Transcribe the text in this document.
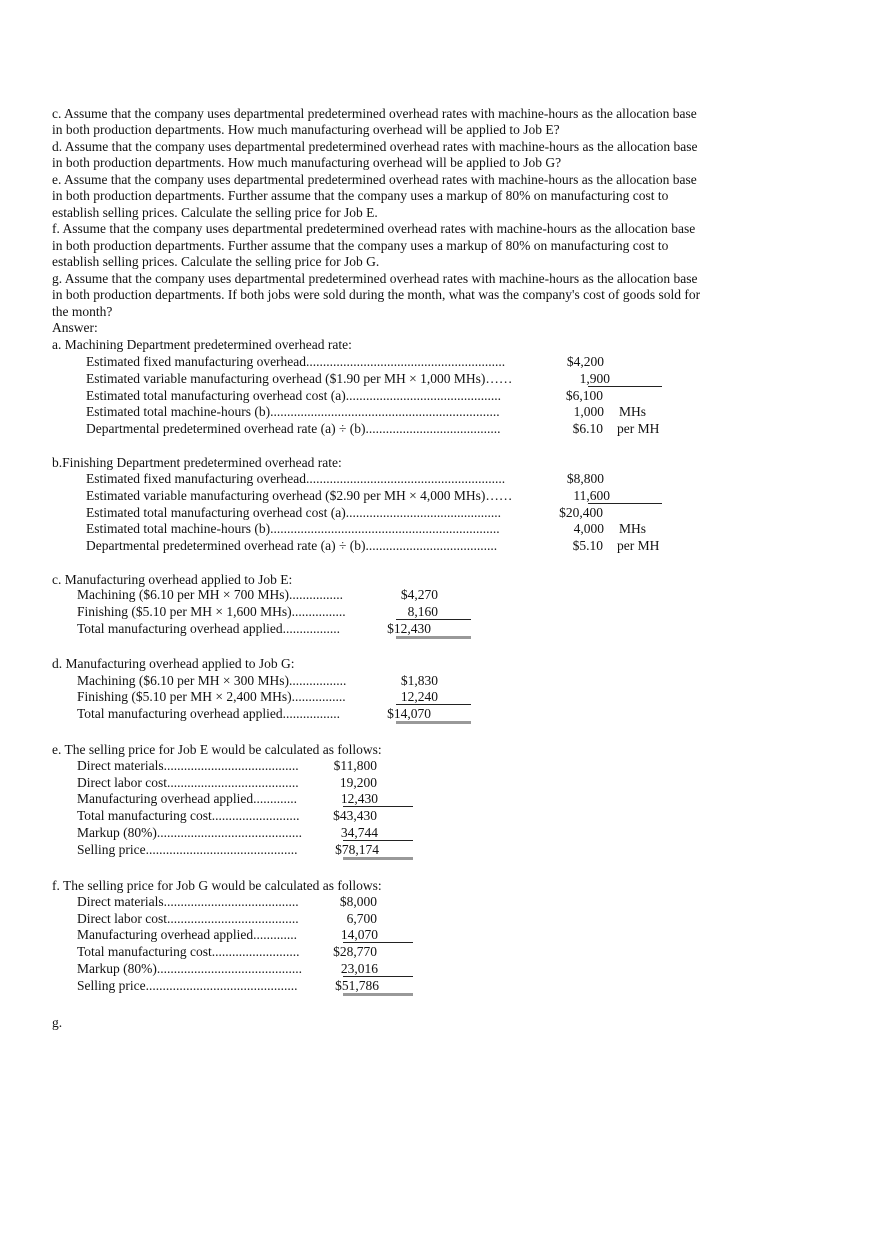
c. Assume that the company uses departmental predetermined overhead rates with machine-hours as the allocation base
in both production departments. How much manufacturing overhead will be applied to Job E?
d. Assume that the company uses departmental predetermined overhead rates with machine-hours as the allocation base
in both production departments. How much manufacturing overhead will be applied to Job G?
e. Assume that the company uses departmental predetermined overhead rates with machine-hours as the allocation base
in both production departments. Further assume that the company uses a markup of 80% on manufacturing cost to
establish selling prices. Calculate the selling price for Job E.
f. Assume that the company uses departmental predetermined overhead rates with machine-hours as the allocation base
in both production departments. Further assume that the company uses a markup of 80% on manufacturing cost to
establish selling prices. Calculate the selling price for Job G.
g. Assume that the company uses departmental predetermined overhead rates with machine-hours as the allocation base
in both production departments. If both jobs were sold during the month, what was the company's cost of goods sold for
the month?
Answer:
a. Machining Department predetermined overhead rate:
Estimated fixed manufacturing overhead...........................................................	$4,200
Estimated variable manufacturing overhead ($1.90 per MH × 1,000 MHs)……	1,900
Estimated total manufacturing overhead cost (a)..............................................	$6,100
Estimated total machine-hours (b)....................................................................	1,000 MHs
Departmental predetermined overhead rate (a) ÷ (b)........................................	$6.10 per MH
b.Finishing Department predetermined overhead rate:
Estimated fixed manufacturing overhead...........................................................	$8,800
Estimated variable manufacturing overhead ($2.90 per MH × 4,000 MHs)……	11,600
Estimated total manufacturing overhead cost (a)..............................................	$20,400
Estimated total machine-hours (b)....................................................................	4,000 MHs
Departmental predetermined overhead rate (a) ÷ (b).......................................	$5.10 per MH
c. Manufacturing overhead applied to Job E:
Machining ($6.10 per MH × 700 MHs)................	$4,270
Finishing ($5.10 per MH × 1,600 MHs)................	8,160
Total manufacturing overhead applied.................	$12,430
d. Manufacturing overhead applied to Job G:
Machining ($6.10 per MH × 300 MHs).................	$1,830
Finishing ($5.10 per MH × 2,400 MHs)................	12,240
Total manufacturing overhead applied.................	$14,070
e. The selling price for Job E would be calculated as follows:
Direct materials........................................	$11,800
Direct labor cost.......................................	19,200
Manufacturing overhead applied.............	12,430
Total manufacturing cost..........................	$43,430
Markup (80%)...........................................	34,744
Selling price.............................................	$78,174
f. The selling price for Job G would be calculated as follows:
Direct materials........................................	$8,000
Direct labor cost.......................................	6,700
Manufacturing overhead applied.............	14,070
Total manufacturing cost..........................	$28,770
Markup (80%)...........................................	23,016
Selling price.............................................	$51,786
g.
